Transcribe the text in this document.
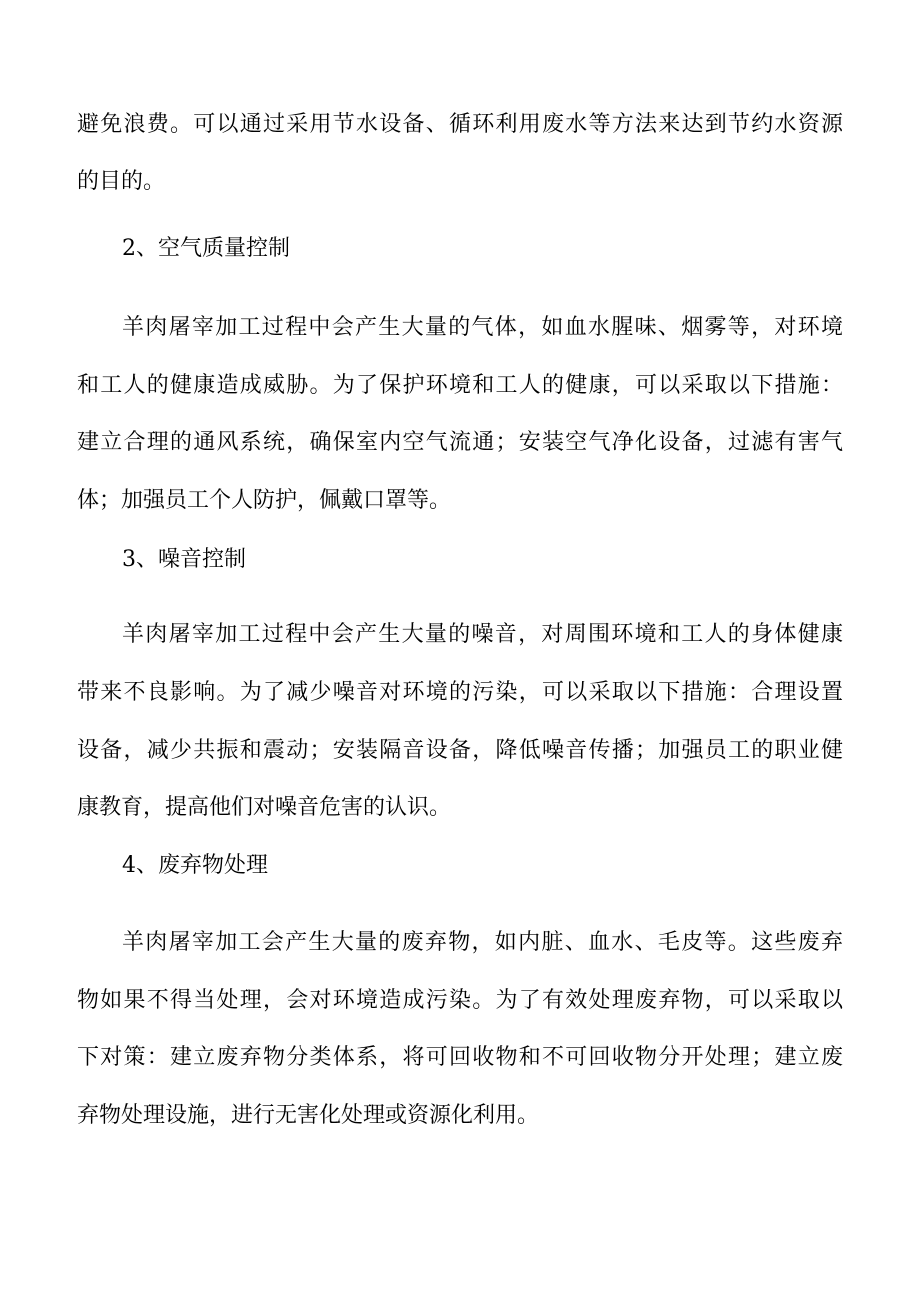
避免浪费。可以通过采用节水设备、循环利用废水等方法来达到节约水资源
的目的。
2、空气质量控制
羊肉屠宰加工过程中会产生大量的气体，如血水腥味、烟雾等，对环境
和工人的健康造成威胁。为了保护环境和工人的健康，可以采取以下措施：
建立合理的通风系统，确保室内空气流通；安装空气净化设备，过滤有害气
体；加强员工个人防护，佩戴口罩等。
3、噪音控制
羊肉屠宰加工过程中会产生大量的噪音，对周围环境和工人的身体健康
带来不良影响。为了减少噪音对环境的污染，可以采取以下措施：合理设置
设备，减少共振和震动；安装隔音设备，降低噪音传播；加强员工的职业健
康教育，提高他们对噪音危害的认识。
4、废弃物处理
羊肉屠宰加工会产生大量的废弃物，如内脏、血水、毛皮等。这些废弃
物如果不得当处理，会对环境造成污染。为了有效处理废弃物，可以采取以
下对策：建立废弃物分类体系，将可回收物和不可回收物分开处理；建立废
弃物处理设施，进行无害化处理或资源化利用。
